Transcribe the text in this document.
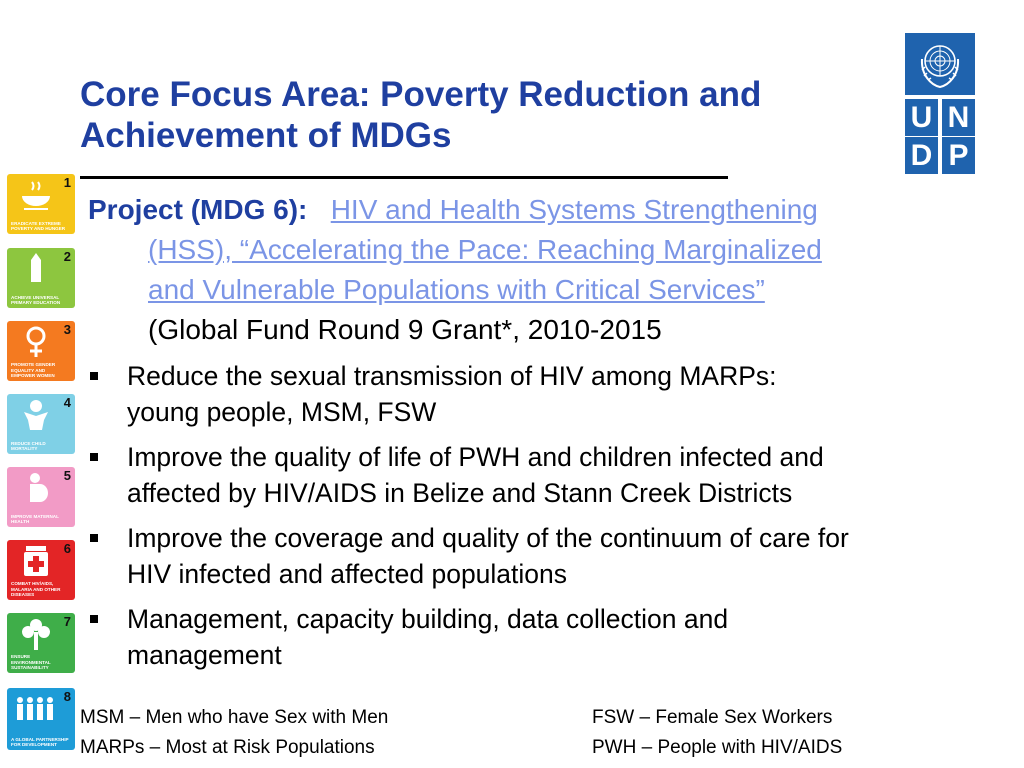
Core Focus Area: Poverty Reduction and
Achievement of MDGs	U N
D P
1
ERADICATE EXTREME POVERTY AND HUNGER
2
ACHIEVE UNIVERSAL PRIMARY EDUCATION
3
PROMOTE GENDER EQUALITY AND EMPOWER WOMEN
4
REDUCE CHILD MORTALITY
5
IMPROVE MATERNAL HEALTH
6
COMBAT HIV/AIDS, MALARIA AND OTHER DISEASES
7
ENSURE ENVIRONMENTAL SUSTAINABILITY
8
A GLOBAL PARTNERSHIP FOR DEVELOPMENT
Project (MDG 6): HIV and Health Systems Strengthening
(HSS), “Accelerating the Pace: Reaching Marginalized
and Vulnerable Populations with Critical Services”
(Global Fund Round 9 Grant*, 2010-2015
Reduce the sexual transmission of HIV among MARPs:
young people, MSM, FSW
Improve the quality of life of PWH and children infected and
affected by HIV/AIDS in Belize and Stann Creek Districts
Improve the coverage and quality of the continuum of care for
HIV infected and affected populations
Management, capacity building, data collection and
management
MSM – Men who have Sex with Men
MARPs – Most at Risk Populations
FSW – Female Sex Workers
PWH – People with HIV/AIDS
